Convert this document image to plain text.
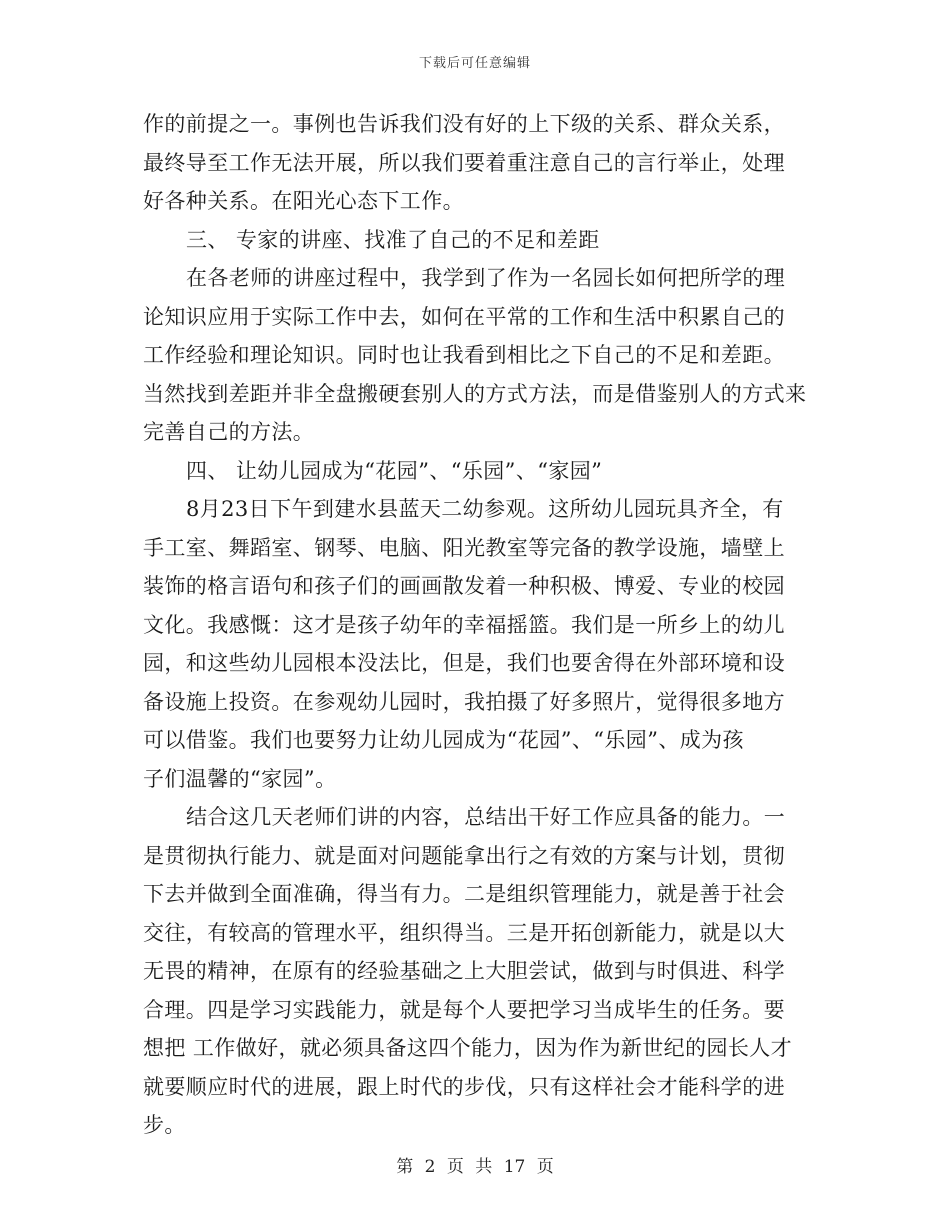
下载后可任意编辑
作的前提之一。事例也告诉我们没有好的上下级的关系、群众关系，
最终导至工作无法开展，所以我们要着重注意自己的言行举止，处理
好各种关系。在阳光心态下工作。
三、 专家的讲座、找准了自己的不足和差距
在各老师的讲座过程中，我学到了作为一名园长如何把所学的理
论知识应用于实际工作中去，如何在平常的工作和生活中积累自己的
工作经验和理论知识。同时也让我看到相比之下自己的不足和差距。
当然找到差距并非全盘搬硬套别人的方式方法，而是借鉴别人的方式来
完善自己的方法。
四、 让幼儿园成为“花园”、“乐园”、“家园”
8月23日下午到建水县蓝天二幼参观。这所幼儿园玩具齐全，有
手工室、舞蹈室、钢琴、电脑、阳光教室等完备的教学设施，墙壁上
装饰的格言语句和孩子们的画画散发着一种积极、博爱、专业的校园
文化。我感慨：这才是孩子幼年的幸福摇篮。我们是一所乡上的幼儿
园，和这些幼儿园根本没法比，但是，我们也要舍得在外部环境和设
备设施上投资。在参观幼儿园时，我拍摄了好多照片，觉得很多地方
可以借鉴。我们也要努力让幼儿园成为“花园”、“乐园”、成为孩
子们温馨的“家园”。
结合这几天老师们讲的内容，总结出干好工作应具备的能力。一
是贯彻执行能力、就是面对问题能拿出行之有效的方案与计划，贯彻
下去并做到全面准确，得当有力。二是组织管理能力，就是善于社会
交往，有较高的管理水平，组织得当。三是开拓创新能力，就是以大
无畏的精神，在原有的经验基础之上大胆尝试，做到与时俱进、科学
合理。四是学习实践能力，就是每个人要把学习当成毕生的任务。要
想把 工作做好，就必须具备这四个能力，因为作为新世纪的园长人才
就要顺应时代的进展，跟上时代的步伐，只有这样社会才能科学的进
步。
第 2 页 共 17 页
